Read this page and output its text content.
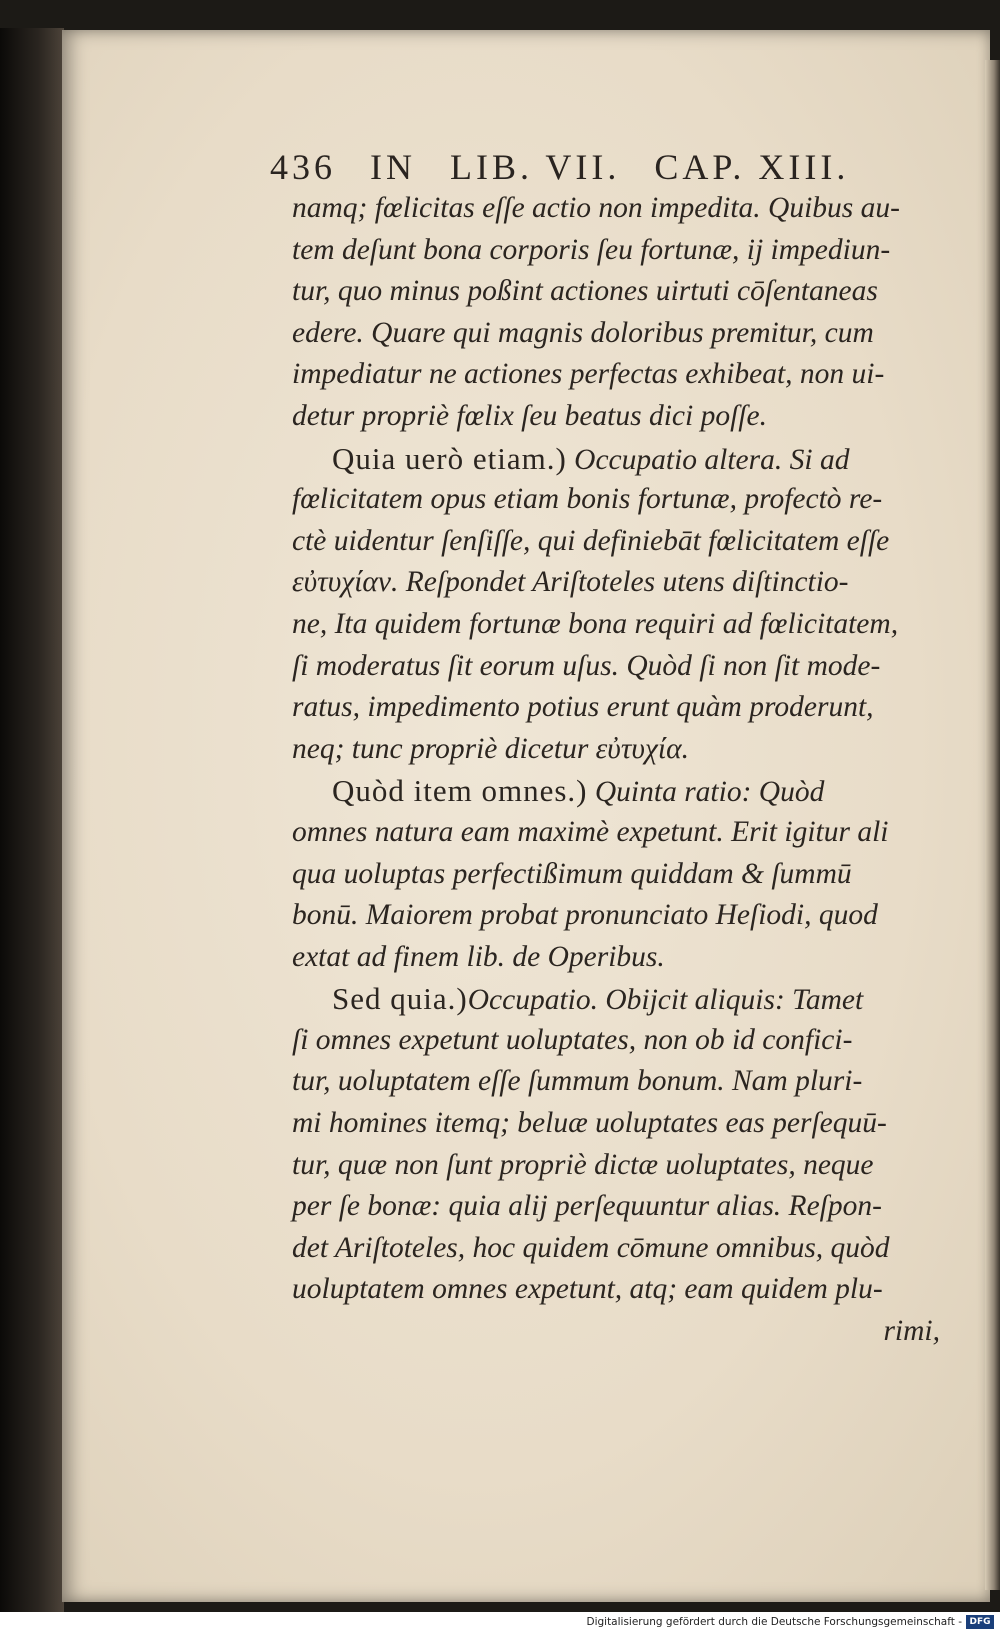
436 IN LIB. VII. CAP. XIII.
namq; fœlicitas eſſe actio non impedita. Quibus au-
tem deſunt bona corporis ſeu fortunæ, ij impediun-
tur, quo minus poßint actiones uirtuti cōſentaneas
edere. Quare qui magnis doloribus premitur, cum
impediatur ne actiones perfectas exhibeat, non ui-
detur propriè fœlix ſeu beatus dici poſſe.
Quia uerò etiam.) Occupatio altera. Si ad
fœlicitatem opus etiam bonis fortunæ, profectò re-
ctè uidentur ſenſiſſe, qui definiebāt fœlicitatem eſſe
εὐτυχίαν. Reſpondet Ariſtoteles utens diſtinctio-
ne, Ita quidem fortunæ bona requiri ad fœlicitatem,
ſi moderatus ſit eorum uſus. Quòd ſi non ſit mode-
ratus, impedimento potius erunt quàm proderunt,
neq; tunc propriè dicetur εὐτυχία.
Quòd item omnes.) Quinta ratio: Quòd
omnes natura eam maximè expetunt. Erit igitur ali
qua uoluptas perfectißimum quiddam & ſummū
bonū. Maiorem probat pronunciato Heſiodi, quod
extat ad finem lib. de Operibus.
Sed quia.)Occupatio. Obijcit aliquis: Tamet
ſi omnes expetunt uoluptates, non ob id confici-
tur, uoluptatem eſſe ſummum bonum. Nam pluri-
mi homines itemq; beluæ uoluptates eas perſequū-
tur, quæ non ſunt propriè dictæ uoluptates, neque
per ſe bonæ: quia alij perſequuntur alias. Reſpon-
det Ariſtoteles, hoc quidem cōmune omnibus, quòd
uoluptatem omnes expetunt, atq; eam quidem plu-
rimi,
Digitalisierung gefördert durch die Deutsche Forschungsgemeinschaft - DFG
